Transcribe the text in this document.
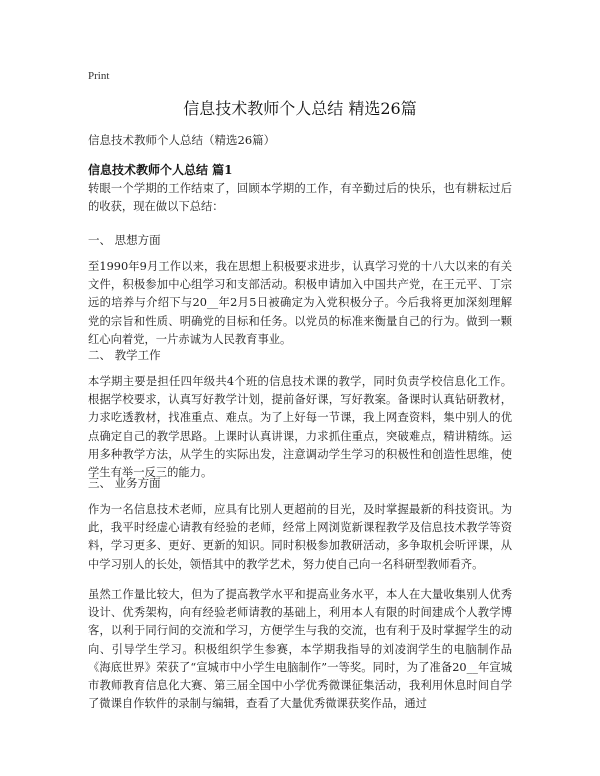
Print
信息技术教师个人总结 精选26篇
信息技术教师个人总结（精选26篇）
信息技术教师个人总结 篇1

转眼一个学期的工作结束了，回顾本学期的工作，有辛勤过后的快乐，也有耕耘过后的收获，现在做以下总结：

一、 思想方面

至1990年9月工作以来，我在思想上积极要求进步，认真学习党的十八大以来的有关文件，积极参加中心组学习和支部活动。积极申请加入中国共产党，在王元平、丁宗远的培养与介绍下与20__年2月5日被确定为入党积极分子。今后我将更加深刻理解党的宗旨和性质、明确党的目标和任务。以党员的标准来衡量自己的行为。做到一颗红心向着党，一片赤诚为人民教育事业。

二、 教学工作

本学期主要是担任四年级共4个班的信息技术课的教学，同时负责学校信息化工作。根据学校要求，认真写好教学计划，提前备好课，写好教案。备课时认真钻研教材，力求吃透教材，找准重点、难点。为了上好每一节课，我上网查资料，集中别人的优点确定自己的教学思路。上课时认真讲课，力求抓住重点，突破难点，精讲精练。运用多种教学方法，从学生的实际出发，注意调动学生学习的积极性和创造性思维，使学生有举一反三的能力。

三、 业务方面

作为一名信息技术老师，应具有比别人更超前的目光，及时掌握最新的科技资讯。为此，我平时经虚心请教有经验的老师，经常上网浏览新课程教学及信息技术教学等资料，学习更多、更好、更新的知识。同时积极参加教研活动，多争取机会听评课，从中学习别人的长处，领悟其中的教学艺术，努力使自己向一名科研型教师看齐。

虽然工作量比较大，但为了提高教学水平和提高业务水平，本人在大量收集别人优秀设计、优秀架构，向有经验老师请教的基础上，利用本人有限的时间建成个人教学博客，以利于同行间的交流和学习，方便学生与我的交流，也有利于及时掌握学生的动向、引导学生学习。积极组织学生参赛，本学期我指导的刘凌润学生的电脑制作品《海底世界》荣获了“宣城市中小学生电脑制作”一等奖。同时，为了准备20__年宣城市教师教育信息化大赛、第三届全国中小学优秀微课征集活动，我利用休息时间自学了微课自作软件的录制与编辑，查看了大量优秀微课获奖作品，通过
